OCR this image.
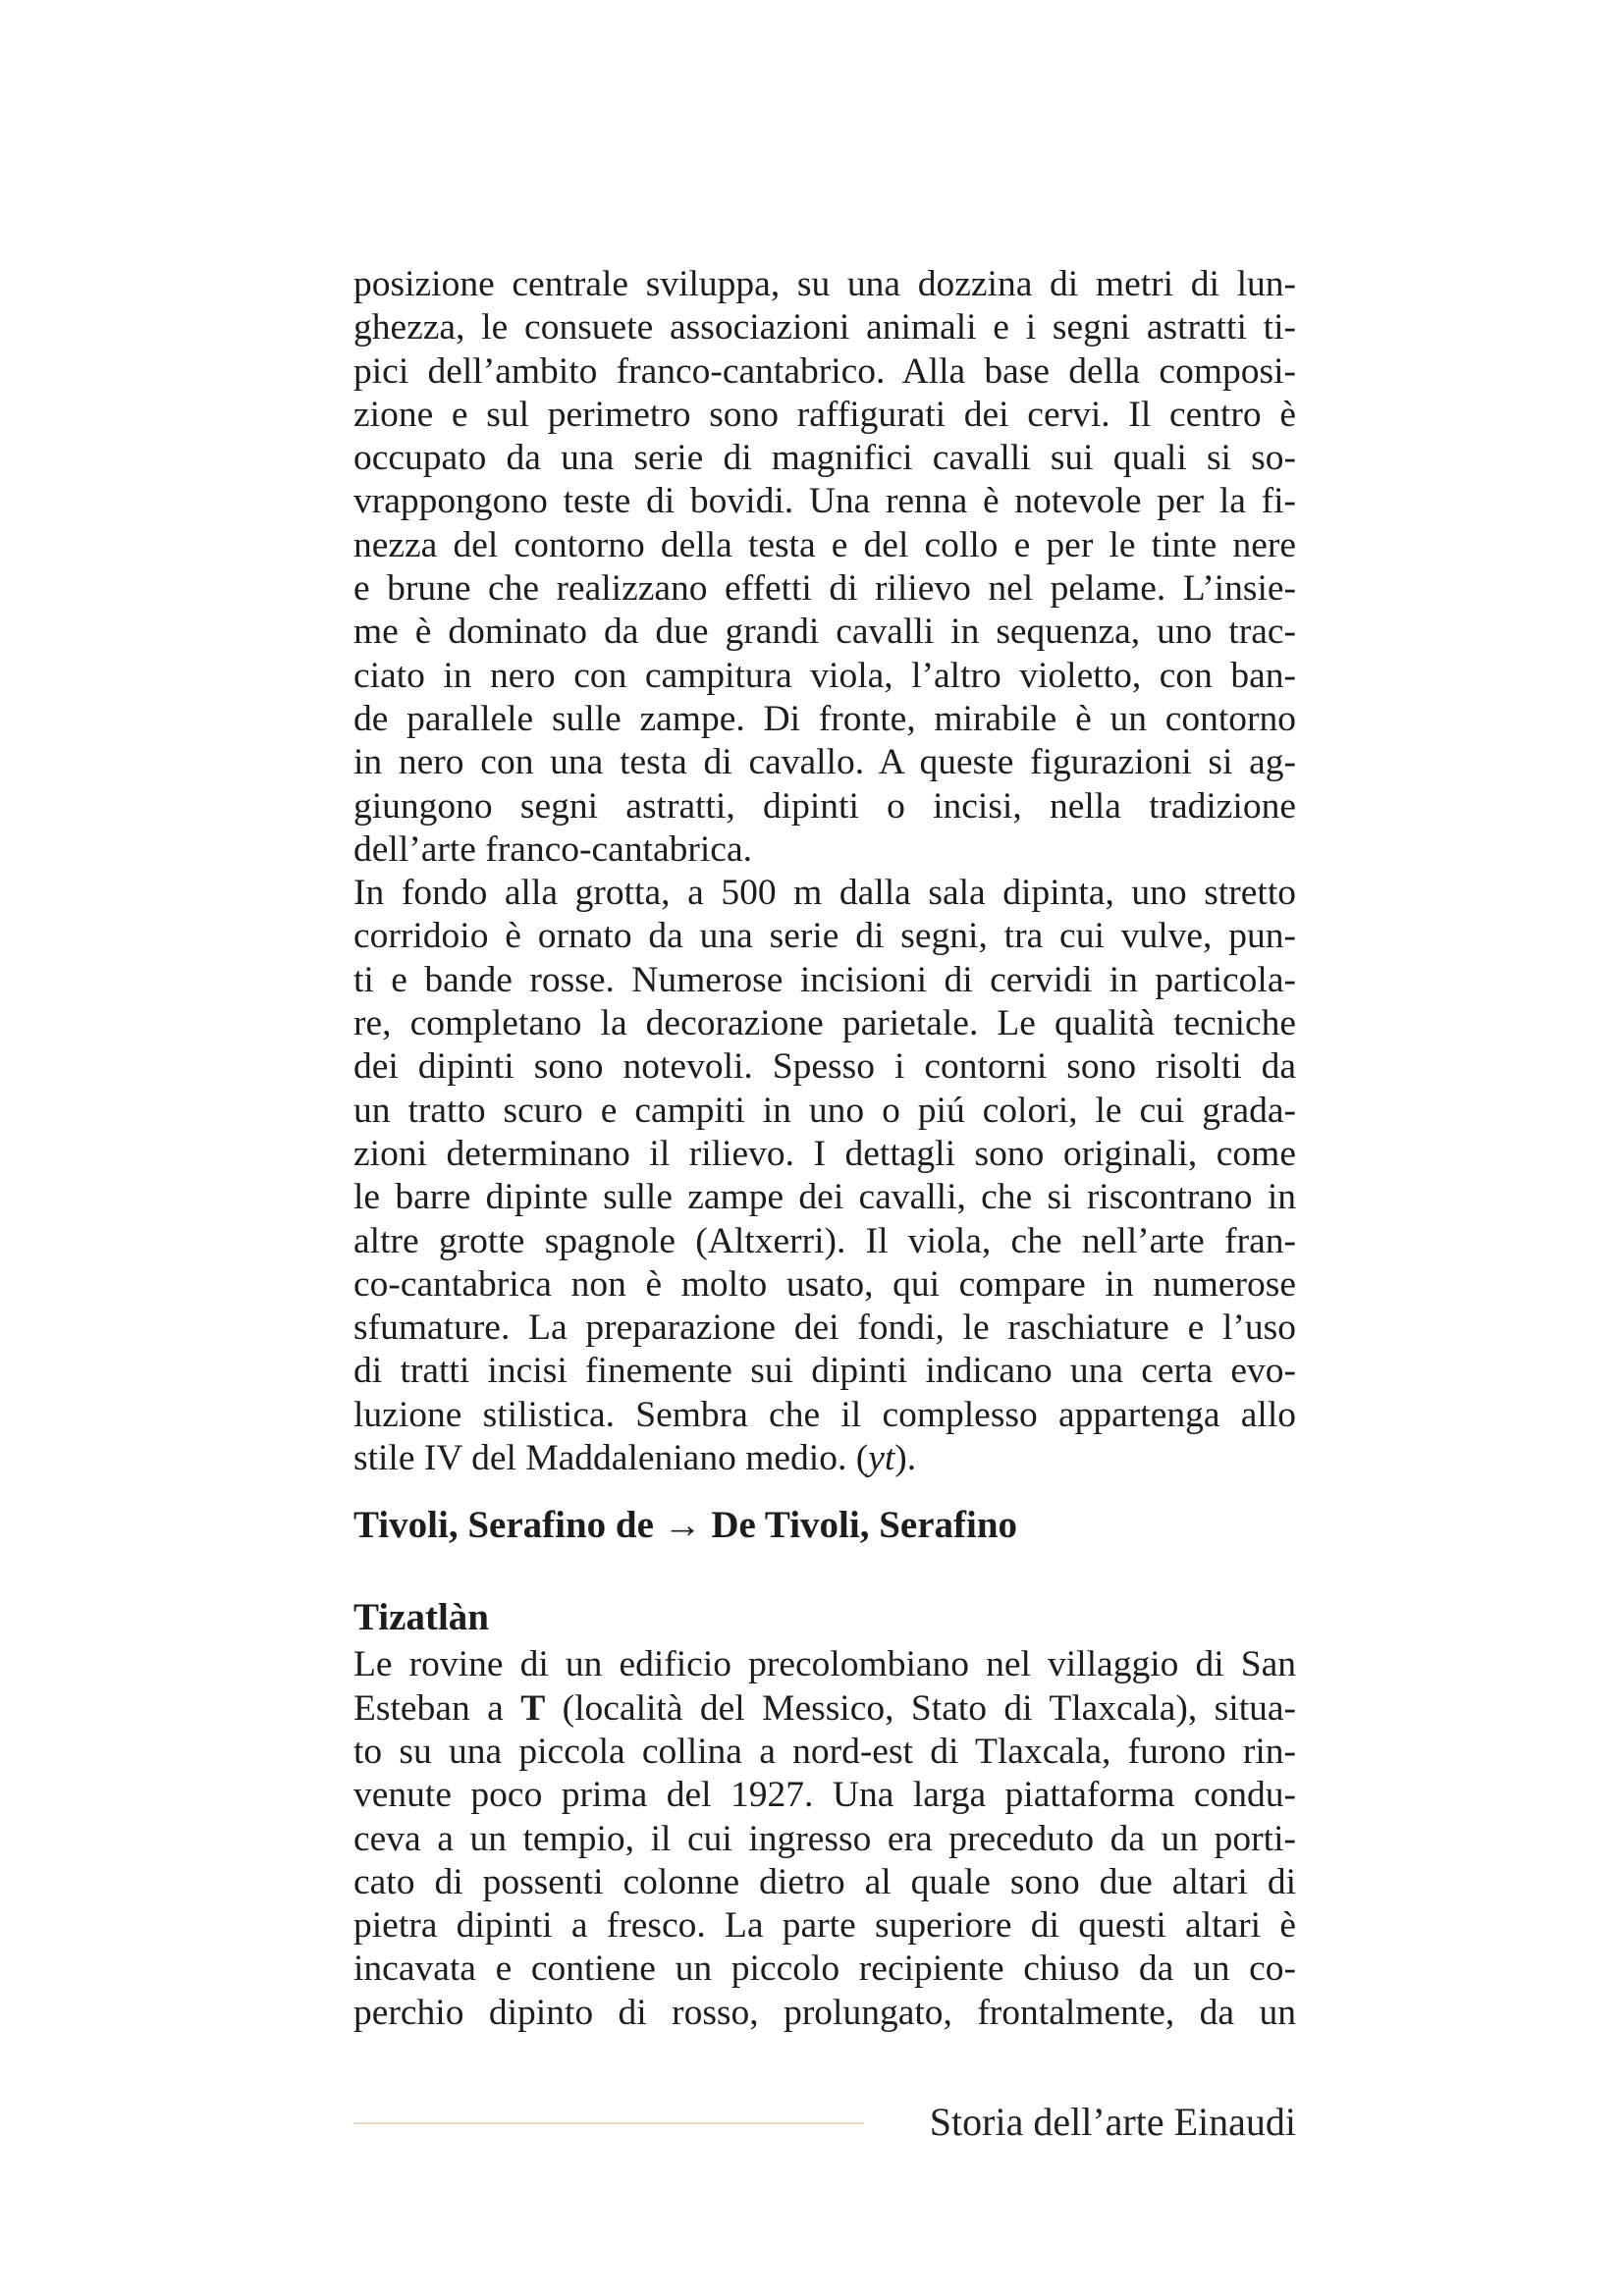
posizione centrale sviluppa, su una dozzina di metri di lun-
ghezza, le consuete associazioni animali e i segni astratti ti-
pici dell’ambito franco-cantabrico. Alla base della composi-
zione e sul perimetro sono raffigurati dei cervi. Il centro è
occupato da una serie di magnifici cavalli sui quali si so-
vrappongono teste di bovidi. Una renna è notevole per la fi-
nezza del contorno della testa e del collo e per le tinte nere
e brune che realizzano effetti di rilievo nel pelame. L’insie-
me è dominato da due grandi cavalli in sequenza, uno trac-
ciato in nero con campitura viola, l’altro violetto, con ban-
de parallele sulle zampe. Di fronte, mirabile è un contorno
in nero con una testa di cavallo. A queste figurazioni si ag-
giungono segni astratti, dipinti o incisi, nella tradizione
dell’arte franco-cantabrica.

In fondo alla grotta, a 500 m dalla sala dipinta, uno stretto
corridoio è ornato da una serie di segni, tra cui vulve, pun-
ti e bande rosse. Numerose incisioni di cervidi in particola-
re, completano la decorazione parietale. Le qualità tecniche
dei dipinti sono notevoli. Spesso i contorni sono risolti da
un tratto scuro e campiti in uno o piú colori, le cui grada-
zioni determinano il rilievo. I dettagli sono originali, come
le barre dipinte sulle zampe dei cavalli, che si riscontrano in
altre grotte spagnole (Altxerri). Il viola, che nell’arte fran-
co-cantabrica non è molto usato, qui compare in numerose
sfumature. La preparazione dei fondi, le raschiature e l’uso
di tratti incisi finemente sui dipinti indicano una certa evo-
luzione stilistica. Sembra che il complesso appartenga allo
stile IV del Maddaleniano medio. (yt).

Tivoli, Serafino de → De Tivoli, Serafino
Tizatlàn

Le rovine di un edificio precolombiano nel villaggio di San
Esteban a T (località del Messico, Stato di Tlaxcala), situa-
to su una piccola collina a nord-est di Tlaxcala, furono rin-
venute poco prima del 1927. Una larga piattaforma condu-
ceva a un tempio, il cui ingresso era preceduto da un porti-
cato di possenti colonne dietro al quale sono due altari di
pietra dipinti a fresco. La parte superiore di questi altari è
incavata e contiene un piccolo recipiente chiuso da un co-
perchio dipinto di rosso, prolungato, frontalmente, da un

Storia dell’arte Einaudi
